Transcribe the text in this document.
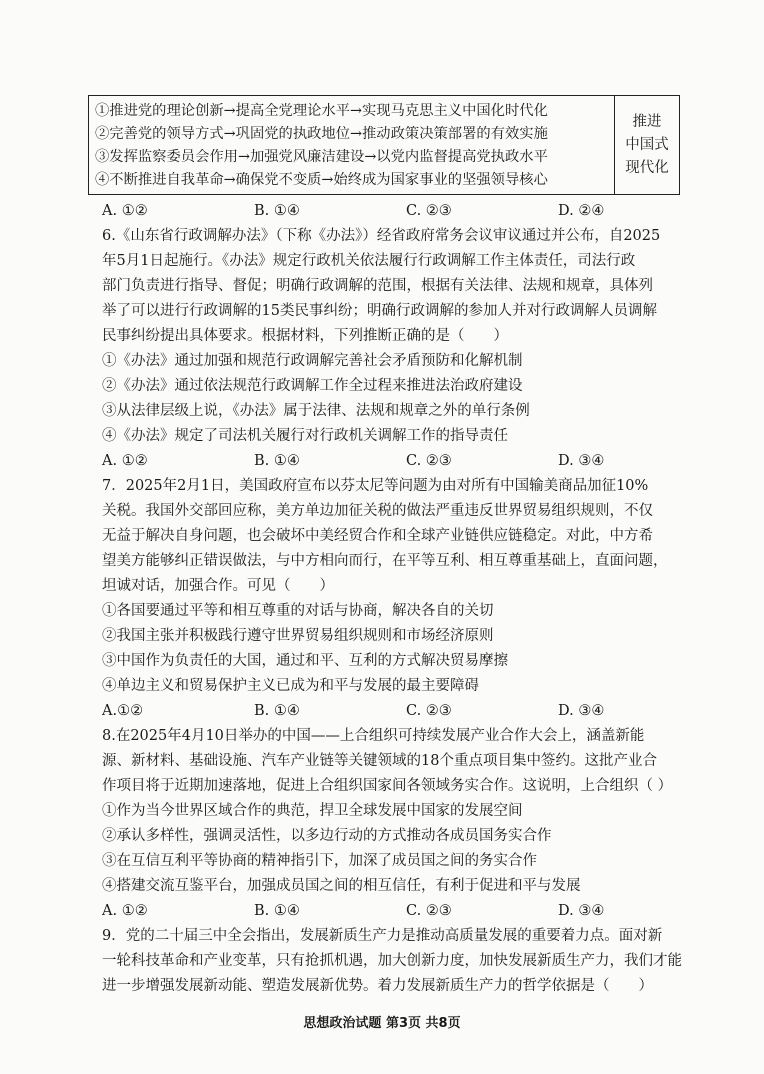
①推进党的理论创新→提高全党理论水平→实现马克思主义中国化时代化
②完善党的领导方式→巩固党的执政地位→推动政策决策部署的有效实施
③发挥监察委员会作用→加强党风廉洁建设→以党内监督提高党执政水平
④不断推进自我革命→确保党不变质→始终成为国家事业的坚强领导核心
推进
中国式
现代化
A. ①②	B. ①④	C. ②③	D. ②④
6.《山东省行政调解办法》（下称《办法》）经省政府常务会议审议通过并公布，自2025
年5月1日起施行。《办法》规定行政机关依法履行行政调解工作主体责任，司法行政
部门负责进行指导、督促；明确行政调解的范围，根据有关法律、法规和规章，具体列
举了可以进行行政调解的15类民事纠纷；明确行政调解的参加人并对行政调解人员调解
民事纠纷提出具体要求。根据材料，下列推断正确的是（　　）
①《办法》通过加强和规范行政调解完善社会矛盾预防和化解机制
②《办法》通过依法规范行政调解工作全过程来推进法治政府建设
③从法律层级上说，《办法》属于法律、法规和规章之外的单行条例
④《办法》规定了司法机关履行对行政机关调解工作的指导责任
A. ①②	B. ①④	C. ②③	D. ③④
7．2025年2月1日，美国政府宣布以芬太尼等问题为由对所有中国输美商品加征10%
关税。我国外交部回应称，美方单边加征关税的做法严重违反世界贸易组织规则，不仅
无益于解决自身问题，也会破坏中美经贸合作和全球产业链供应链稳定。对此，中方希
望美方能够纠正错误做法，与中方相向而行，在平等互利、相互尊重基础上，直面问题，
坦诚对话，加强合作。可见（　　）
①各国要通过平等和相互尊重的对话与协商，解决各自的关切
②我国主张并积极践行遵守世界贸易组织规则和市场经济原则
③中国作为负责任的大国，通过和平、互利的方式解决贸易摩擦
④单边主义和贸易保护主义已成为和平与发展的最主要障碍
A.①②	B. ①④	C. ②③	D. ③④
8.在2025年4月10日举办的中国——上合组织可持续发展产业合作大会上，涵盖新能
源、新材料、基础设施、汽车产业链等关键领域的18个重点项目集中签约。这批产业合
作项目将于近期加速落地，促进上合组织国家间各领域务实合作。这说明，上合组织（ ）
①作为当今世界区域合作的典范，捍卫全球发展中国家的发展空间
②承认多样性，强调灵活性，以多边行动的方式推动各成员国务实合作
③在互信互利平等协商的精神指引下，加深了成员国之间的务实合作
④搭建交流互鉴平台，加强成员国之间的相互信任，有利于促进和平与发展
A. ①②	B. ①④	C. ②③	D. ③④
9．党的二十届三中全会指出，发展新质生产力是推动高质量发展的重要着力点。面对新
一轮科技革命和产业变革，只有抢抓机遇，加大创新力度，加快发展新质生产力，我们才能
进一步增强发展新动能、塑造发展新优势。着力发展新质生产力的哲学依据是（　　）
思想政治试题 第3页 共8页
